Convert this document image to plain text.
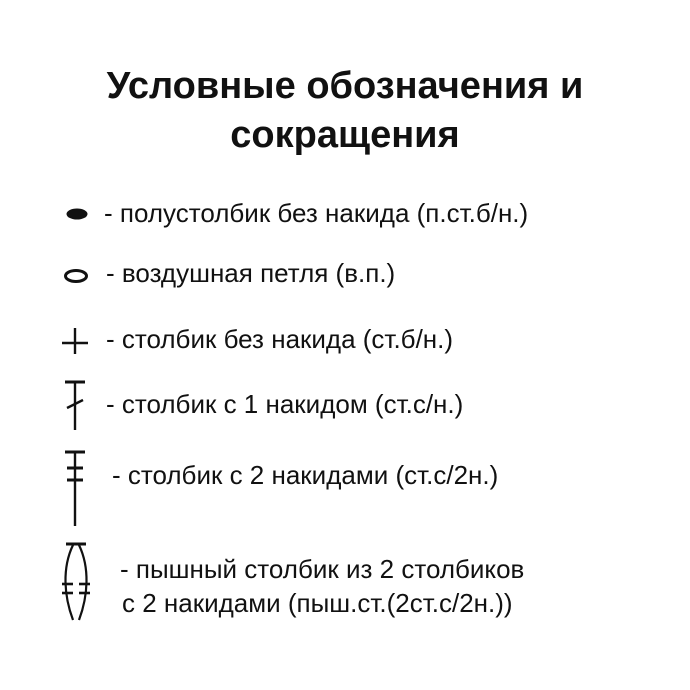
Условные обозначения и
сокращения
- полустолбик без накида (п.ст.б/н.)
- воздушная петля (в.п.)
- столбик без накида (ст.б/н.)
- столбик с 1 накидом (ст.с/н.)
- столбик с 2 накидами (ст.с/2н.)
- пышный столбик из 2 столбиков
с 2 накидами (пыш.ст.(2ст.с/2н.))
